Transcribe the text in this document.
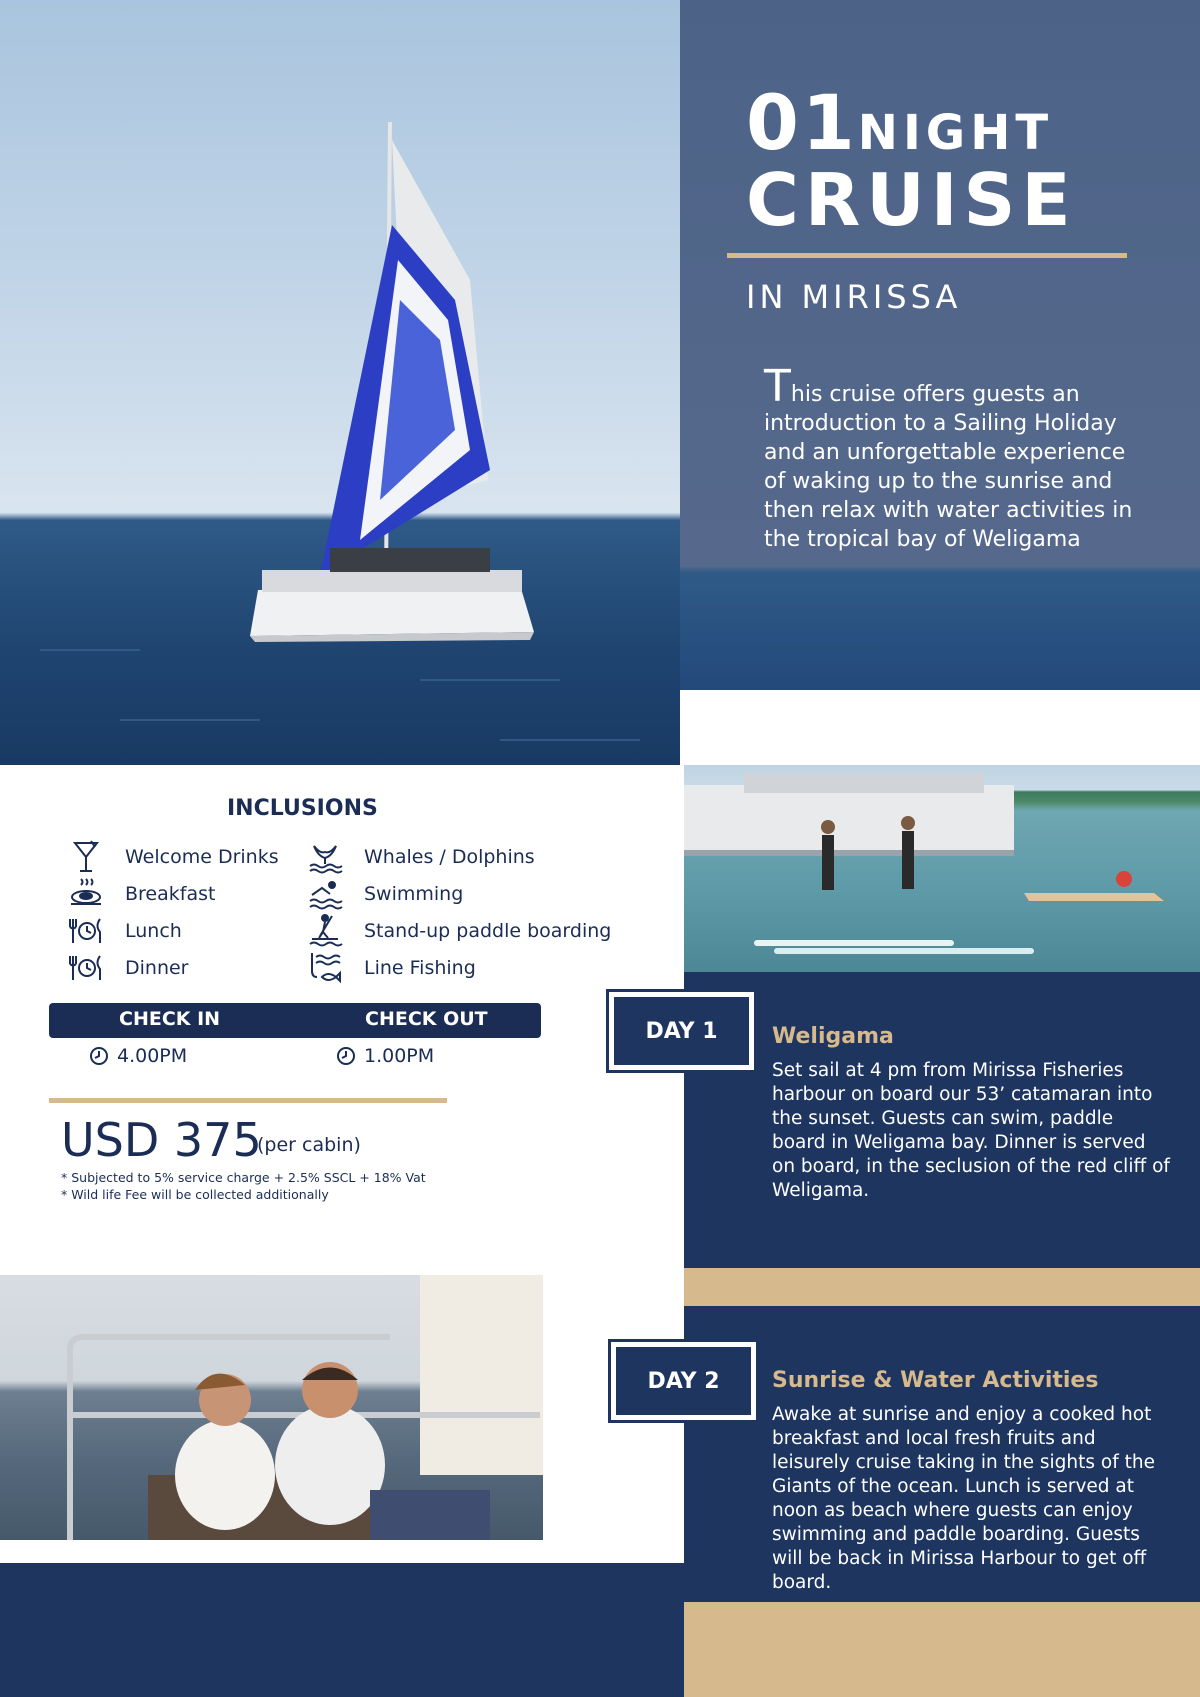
01NIGHT
CRUISE
IN MIRISSA
This cruise offers guests an introduction to a Sailing Holiday and an unforgettable experience of waking up to the sunrise and then relax with water activities in the tropical bay of Weligama
INCLUSIONS
Welcome Drinks
Breakfast
Lunch
Dinner
Whales / Dolphins
Swimming
Stand-up paddle boarding
Line Fishing
CHECK IN	CHECK OUT
4.00PM	1.00PM
USD 375
(per cabin)
* Subjected to 5% service charge + 2.5% SSCL + 18% Vat
* Wild life Fee will be collected additionally
DAY 1	Weligama
Set sail at 4 pm from Mirissa Fisheries harbour on board our 53’ catamaran into the sunset. Guests can swim, paddle board in Weligama bay. Dinner is served on board, in the seclusion of the red cliff of Weligama.
DAY 2	Sunrise & Water Activities
Awake at sunrise and enjoy a cooked hot breakfast and local fresh fruits and leisurely cruise taking in the sights of the Giants of the ocean. Lunch is served at noon as beach where guests can enjoy swimming and paddle boarding. Guests will be back in Mirissa Harbour to get off board.
